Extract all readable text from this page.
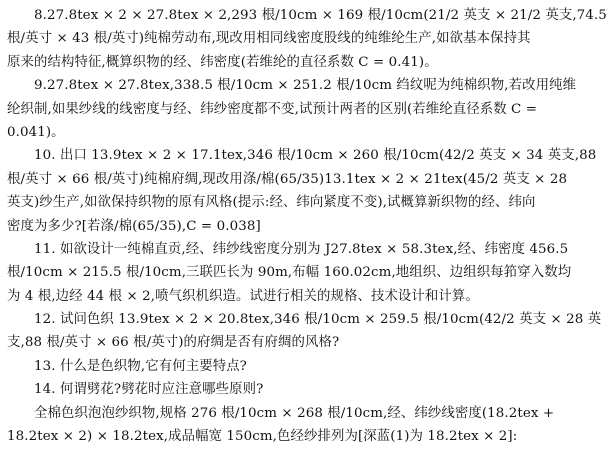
8.27.8tex × 2 × 27.8tex × 2,293 根/10cm × 169 根/10cm(21/2 英支 × 21/2 英支,74.5
根/英寸 × 43 根/英寸)纯棉劳动布,现改用相同线密度股线的纯维纶生产,如欲基本保持其
原来的结构特征,概算织物的经、纬密度(若维纶的直径系数 C = 0.41)。
9.27.8tex × 27.8tex,338.5 根/10cm × 251.2 根/10cm 绉纹呢为纯棉织物,若改用纯维
纶织制,如果纱线的线密度与经、纬纱密度都不变,试预计两者的区别(若维纶直径系数 C =
0.041)。
10. 出口 13.9tex × 2 × 17.1tex,346 根/10cm × 260 根/10cm(42/2 英支 × 34 英支,88
根/英寸 × 66 根/英寸)纯棉府绸,现改用涤/棉(65/35)13.1tex × 2 × 21tex(45/2 英支 × 28
英支)纱生产,如欲保持织物的原有风格(提示:经、纬向紧度不变),试概算新织物的经、纬向
密度为多少?[若涤/棉(65/35),C = 0.038]
11. 如欲设计一纯棉直贡,经、纬纱线密度分别为 J27.8tex × 58.3tex,经、纬密度 456.5
根/10cm × 215.5 根/10cm,三联匹长为 90m,布幅 160.02cm,地组织、边组织每筘穿入数均
为 4 根,边经 44 根 × 2,喷气织机织造。试进行相关的规格、技术设计和计算。
12. 试问色织 13.9tex × 2 × 20.8tex,346 根/10cm × 259.5 根/10cm(42/2 英支 × 28 英
支,88 根/英寸 × 66 根/英寸)的府绸是否有府绸的风格?
13. 什么是色织物,它有何主要特点?
14. 何谓劈花?劈花时应注意哪些原则?
全棉色织泡泡纱织物,规格 276 根/10cm × 268 根/10cm,经、纬纱线密度(18.2tex +
18.2tex × 2) × 18.2tex,成品幅宽 150cm,色经纱排列为[深蓝(1)为 18.2tex × 2]:
